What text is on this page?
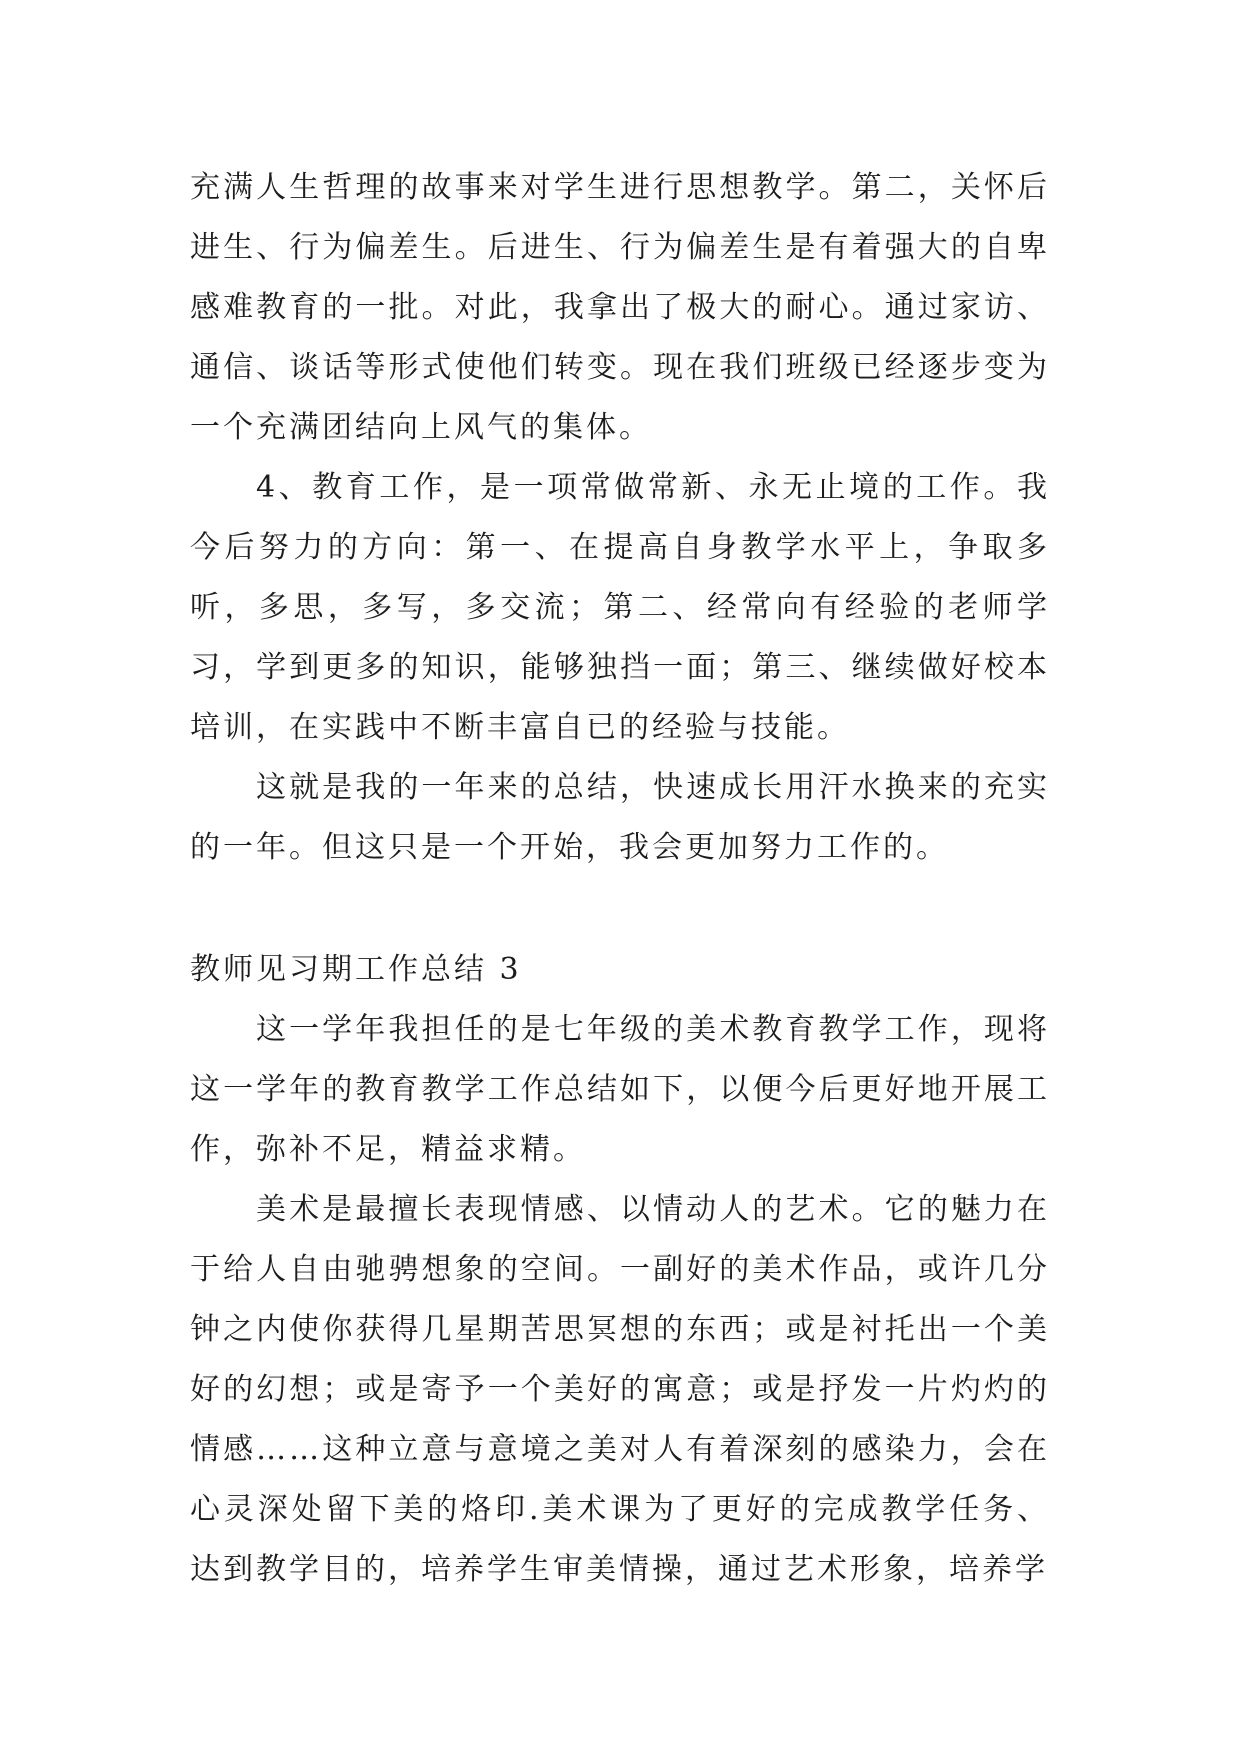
充满人生哲理的故事来对学生进行思想教学。第二，关怀后进生、行为偏差生。后进生、行为偏差生是有着强大的自卑感难教育的一批。对此，我拿出了极大的耐心。通过家访、通信、谈话等形式使他们转变。现在我们班级已经逐步变为一个充满团结向上风气的集体。

4、教育工作，是一项常做常新、永无止境的工作。我今后努力的方向：第一、在提高自身教学水平上，争取多听，多思，多写，多交流；第二、经常向有经验的老师学习，学到更多的知识，能够独挡一面；第三、继续做好校本培训，在实践中不断丰富自已的经验与技能。

这就是我的一年来的总结，快速成长用汗水换来的充实的一年。但这只是一个开始，我会更加努力工作的。

教师见习期工作总结 3

这一学年我担任的是七年级的美术教育教学工作，现将这一学年的教育教学工作总结如下，以便今后更好地开展工作，弥补不足，精益求精。

美术是最擅长表现情感、以情动人的艺术。它的魅力在于给人自由驰骋想象的空间。一副好的美术作品，或许几分钟之内使你获得几星期苦思冥想的东西；或是衬托出一个美好的幻想；或是寄予一个美好的寓意；或是抒发一片灼灼的情感……这种立意与意境之美对人有着深刻的感染力，会在心灵深处留下美的烙印.美术课为了更好的完成教学任务、达到教学目的，培养学生审美情操，通过艺术形象，培养学
